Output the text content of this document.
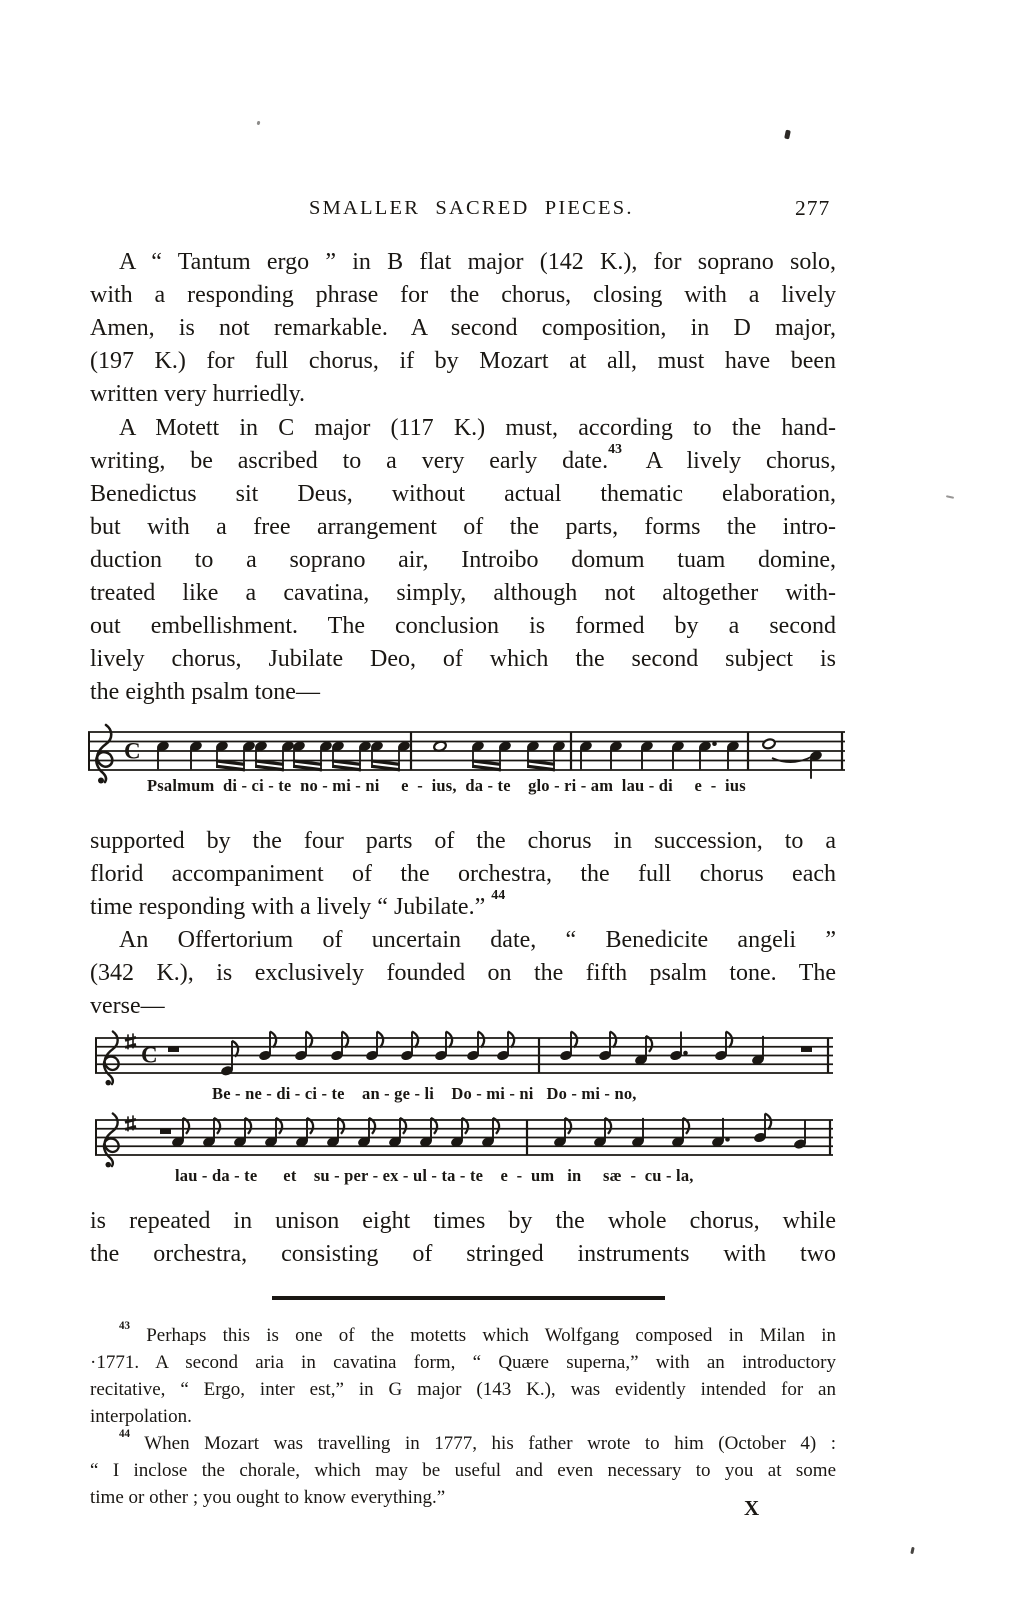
SMALLER SACRED PIECES.	277
A “ Tantum ergo ” in B flat major (142 K.), for soprano solo,
with a responding phrase for the chorus, closing with a lively
Amen, is not remarkable. A second composition, in D major,
(197 K.) for full chorus, if by Mozart at all, must have been
written very hurriedly.
A Motett in C major (117 K.) must, according to the hand-
writing, be ascribed to a very early date.$^{43}$ A lively chorus,
Benedictus sit Deus, without actual thematic elaboration,
but with a free arrangement of the parts, forms the intro-
duction to a soprano air, Introibo domum tuam domine,
treated like a cavatina, simply, although not altogether with-
out embellishment. The conclusion is formed by a second
lively chorus, Jubilate Deo, of which the second subject is
the eighth psalm tone—
supported by the four parts of the chorus in succession, to a
florid accompaniment of the orchestra, the full chorus each
time responding with a lively “ Jubilate.” $^{44}$
An Offertorium of uncertain date, “ Benedicite angeli ”
(342 K.), is exclusively founded on the fifth psalm tone. The
verse—
is repeated in unison eight times by the whole chorus, while
the orchestra, consisting of stringed instruments with two
C
C
$^{43}$ Perhaps this is one of the motetts which Wolfgang composed in Milan in
·1771. A second aria in cavatina form, “ Quære superna,” with an introductory
recitative, “ Ergo, inter est,” in G major (143 K.), was evidently intended for an
interpolation.
$^{44}$ When Mozart was travelling in 1777, his father wrote to him (October 4) :
“ I inclose the chorale, which may be useful and even necessary to you at some
time or other ; you ought to know everything.”	X
Psalmum  di - ci - te  no - mi - ni     e  -  ius,  da - te    glo - ri - am  lau - di     e  -  ius
Be - ne - di - ci - te    an - ge - li    Do - mi - ni   Do - mi - no,
lau - da - te      et    su - per - ex - ul - ta - te    e  -  um   in     sæ  -  cu - la,
